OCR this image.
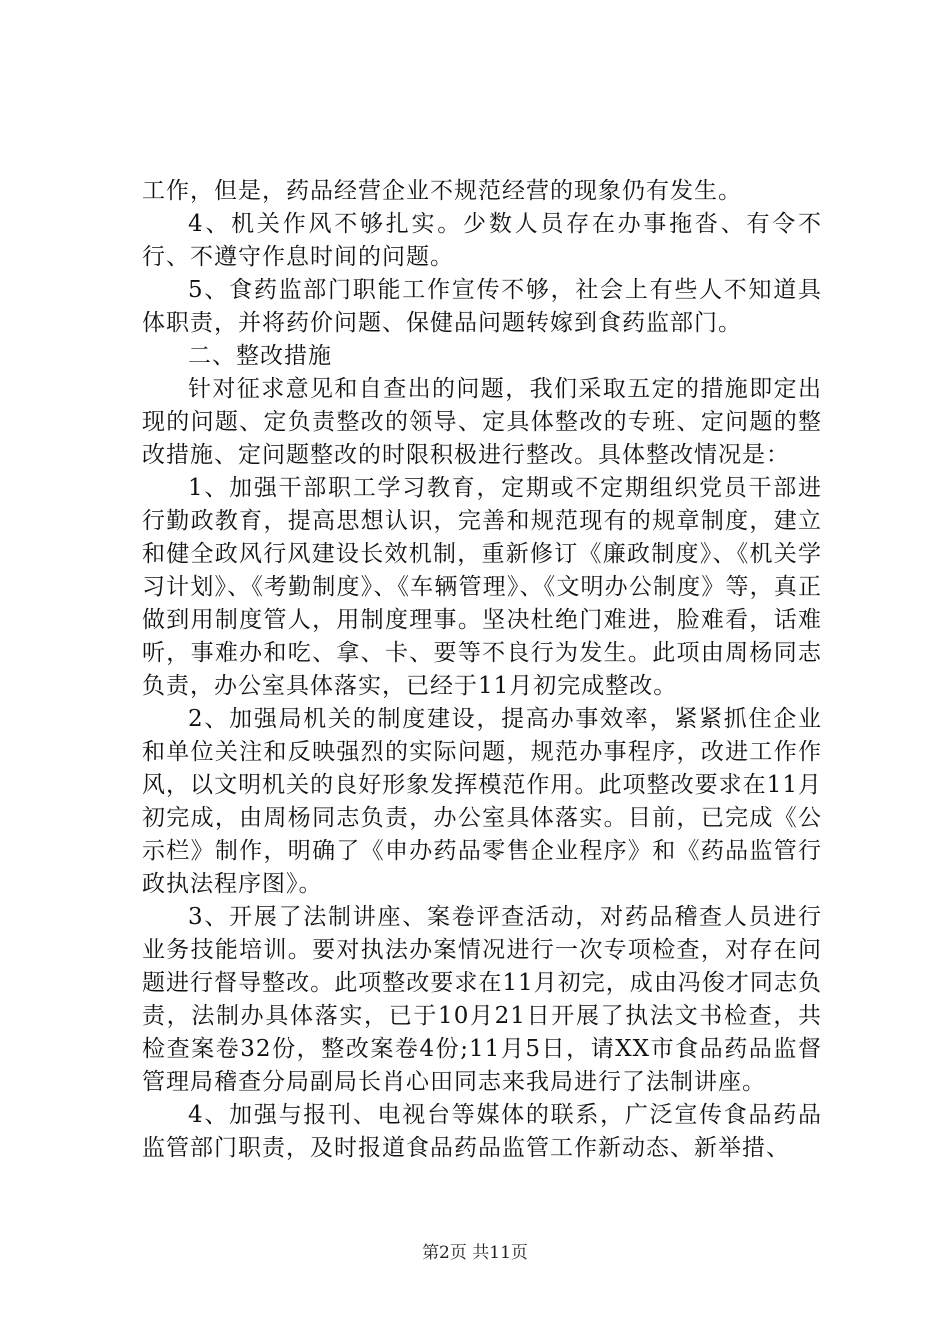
工作，但是，药品经营企业不规范经营的现象仍有发生。

4、机关作风不够扎实。少数人员存在办事拖沓、有令不行、不遵守作息时间的问题。

5、食药监部门职能工作宣传不够，社会上有些人不知道具体职责，并将药价问题、保健品问题转嫁到食药监部门。

二、整改措施

针对征求意见和自查出的问题，我们采取五定的措施即定出现的问题、定负责整改的领导、定具体整改的专班、定问题的整改措施、定问题整改的时限积极进行整改。具体整改情况是：

1、加强干部职工学习教育，定期或不定期组织党员干部进行勤政教育，提高思想认识，完善和规范现有的规章制度，建立和健全政风行风建设长效机制，重新修订《廉政制度》、《机关学习计划》、《考勤制度》、《车辆管理》、《文明办公制度》等，真正做到用制度管人，用制度理事。坚决杜绝门难进，脸难看，话难听，事难办和吃、拿、卡、要等不良行为发生。此项由周杨同志负责，办公室具体落实，已经于11月初完成整改。

2、加强局机关的制度建设，提高办事效率，紧紧抓住企业和单位关注和反映强烈的实际问题，规范办事程序，改进工作作风，以文明机关的良好形象发挥模范作用。此项整改要求在11月初完成，由周杨同志负责，办公室具体落实。目前，已完成《公示栏》制作，明确了《申办药品零售企业程序》和《药品监管行政执法程序图》。

3、开展了法制讲座、案卷评查活动，对药品稽查人员进行业务技能培训。要对执法办案情况进行一次专项检查，对存在问题进行督导整改。此项整改要求在11月初完，成由冯俊才同志负责，法制办具体落实，已于10月21日开展了执法文书检查，共检查案卷32份，整改案卷4份;11月5日，请XX市食品药品监督管理局稽查分局副局长肖心田同志来我局进行了法制讲座。

4、加强与报刊、电视台等媒体的联系，广泛宣传食品药品监管部门职责，及时报道食品药品监管工作新动态、新举措、

第2页 共11页
